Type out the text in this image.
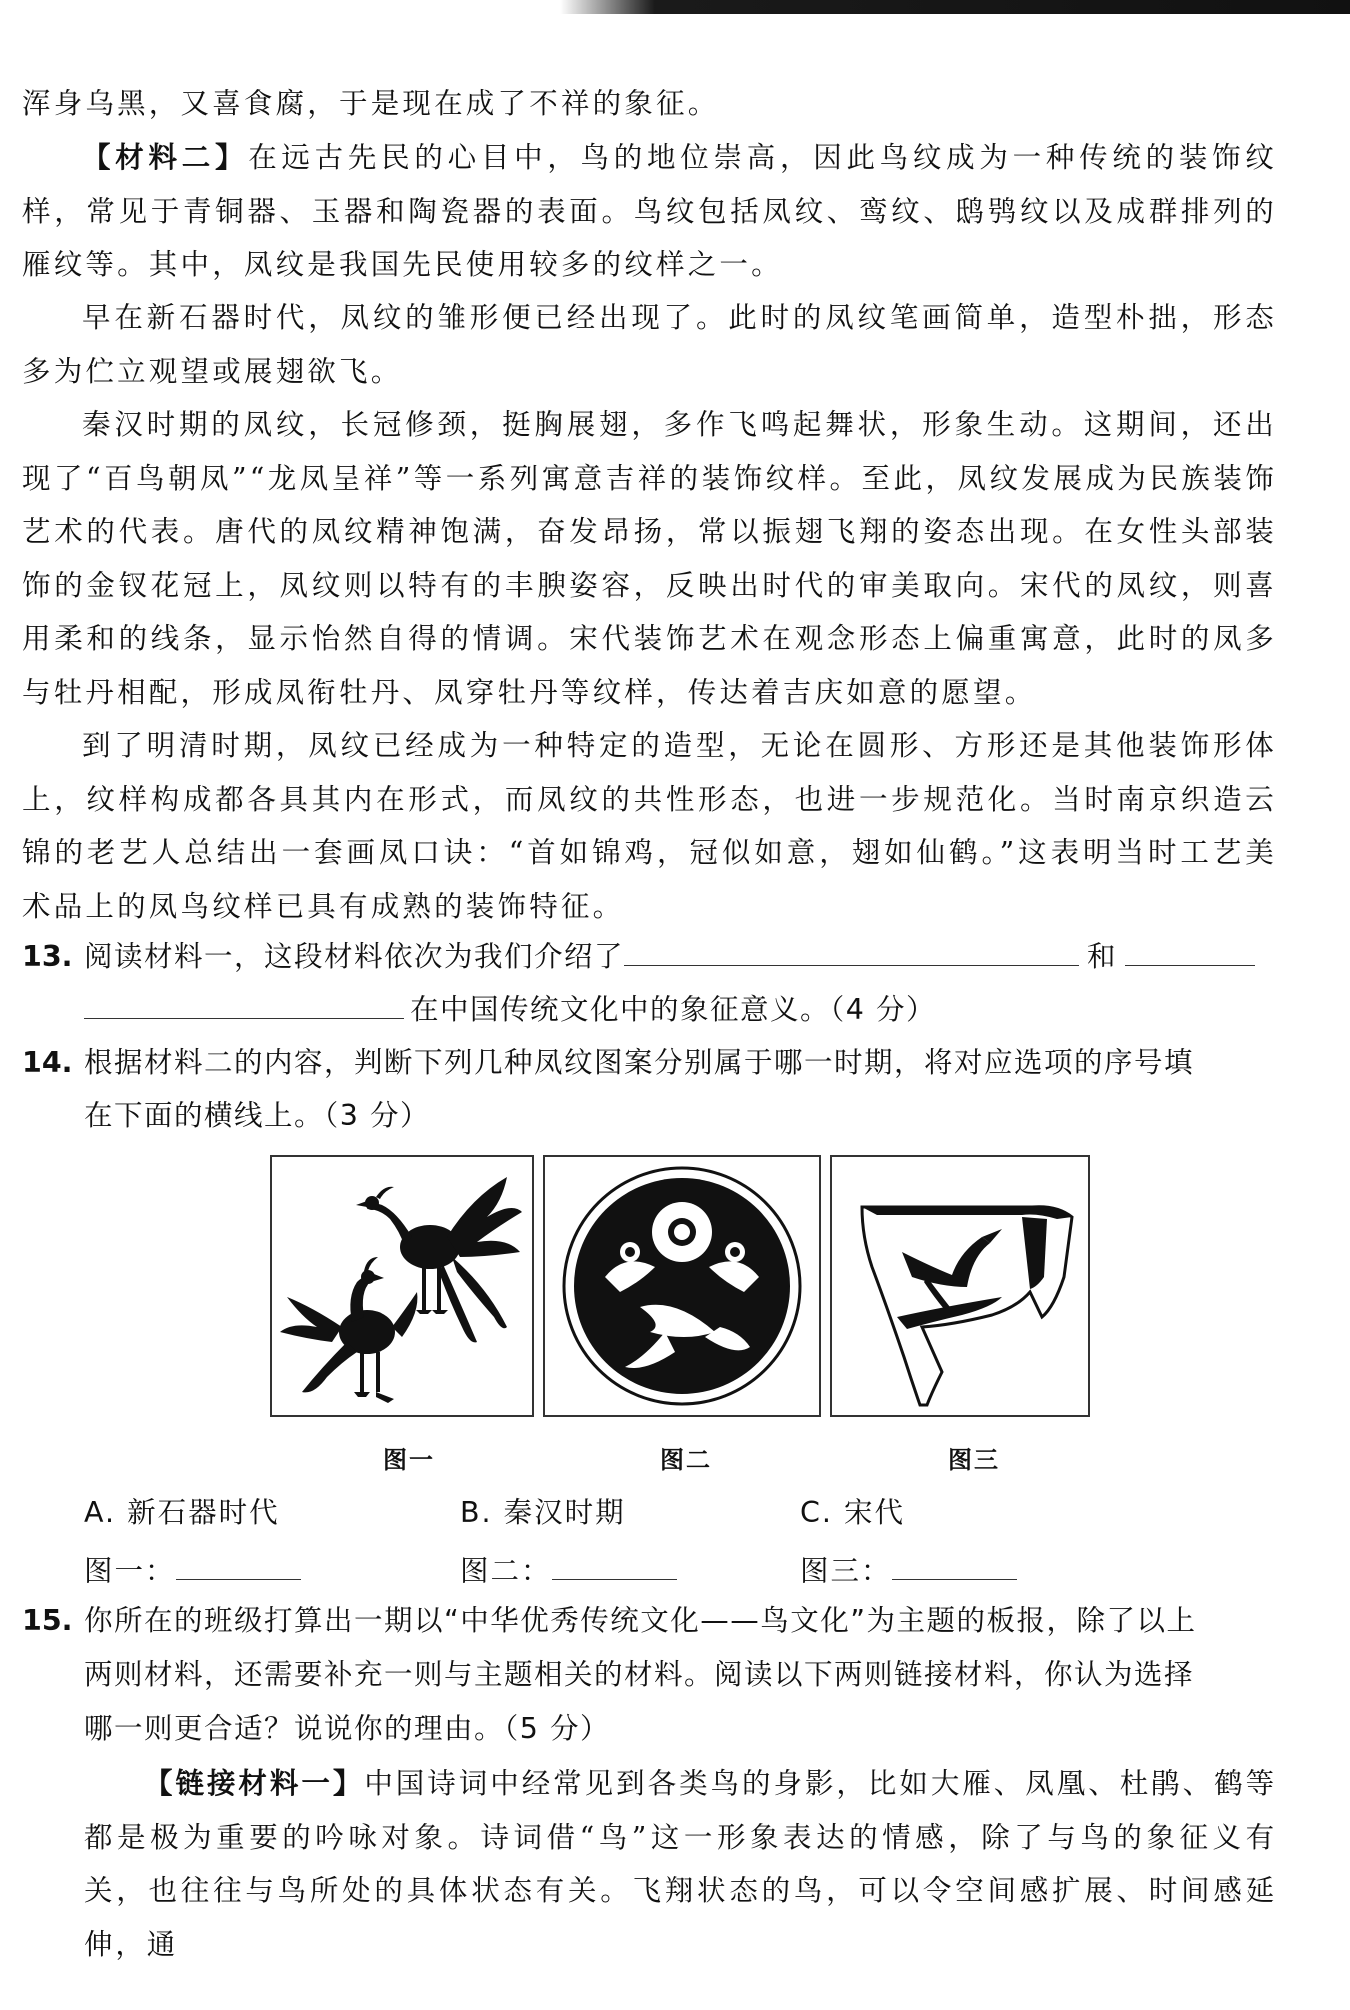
浑身乌黑，又喜食腐，于是现在成了不祥的象征。
【材料二】在远古先民的心目中，鸟的地位崇高，因此鸟纹成为一种传统的装饰纹样，常见于青铜器、玉器和陶瓷器的表面。鸟纹包括凤纹、鸾纹、鸱鸮纹以及成群排列的雁纹等。其中，凤纹是我国先民使用较多的纹样之一。
早在新石器时代，凤纹的雏形便已经出现了。此时的凤纹笔画简单，造型朴拙，形态多为伫立观望或展翅欲飞。
秦汉时期的凤纹，长冠修颈，挺胸展翅，多作飞鸣起舞状，形象生动。这期间，还出现了“百鸟朝凤”“龙凤呈祥”等一系列寓意吉祥的装饰纹样。至此，凤纹发展成为民族装饰艺术的代表。唐代的凤纹精神饱满，奋发昂扬，常以振翅飞翔的姿态出现。在女性头部装饰的金钗花冠上，凤纹则以特有的丰腴姿容，反映出时代的审美取向。宋代的凤纹，则喜用柔和的线条，显示怡然自得的情调。宋代装饰艺术在观念形态上偏重寓意，此时的凤多与牡丹相配，形成凤衔牡丹、凤穿牡丹等纹样，传达着吉庆如意的愿望。
到了明清时期，凤纹已经成为一种特定的造型，无论在圆形、方形还是其他装饰形体上，纹样构成都各具其内在形式，而凤纹的共性形态，也进一步规范化。当时南京织造云锦的老艺人总结出一套画凤口诀：“首如锦鸡，冠似如意，翅如仙鹤。”这表明当时工艺美术品上的凤鸟纹样已具有成熟的装饰特征。
13. 阅读材料一，这段材料依次为我们介绍了	和
在中国传统文化中的象征意义。（4 分）
14. 根据材料二的内容，判断下列几种凤纹图案分别属于哪一时期，将对应选项的序号填
在下面的横线上。（3 分）
图一	图二	图三
A. 新石器时代	B. 秦汉时期	C. 宋代
图一：	图二：	图三：
15. 你所在的班级打算出一期以“中华优秀传统文化——鸟文化”为主题的板报，除了以上
两则材料，还需要补充一则与主题相关的材料。阅读以下两则链接材料，你认为选择
哪一则更合适？说说你的理由。（5 分）
【链接材料一】中国诗词中经常见到各类鸟的身影，比如大雁、凤凰、杜鹃、鹤等都是极为重要的吟咏对象。诗词借“鸟”这一形象表达的情感，除了与鸟的象征义有关，也往往与鸟所处的具体状态有关。飞翔状态的鸟，可以令空间感扩展、时间感延伸，通
